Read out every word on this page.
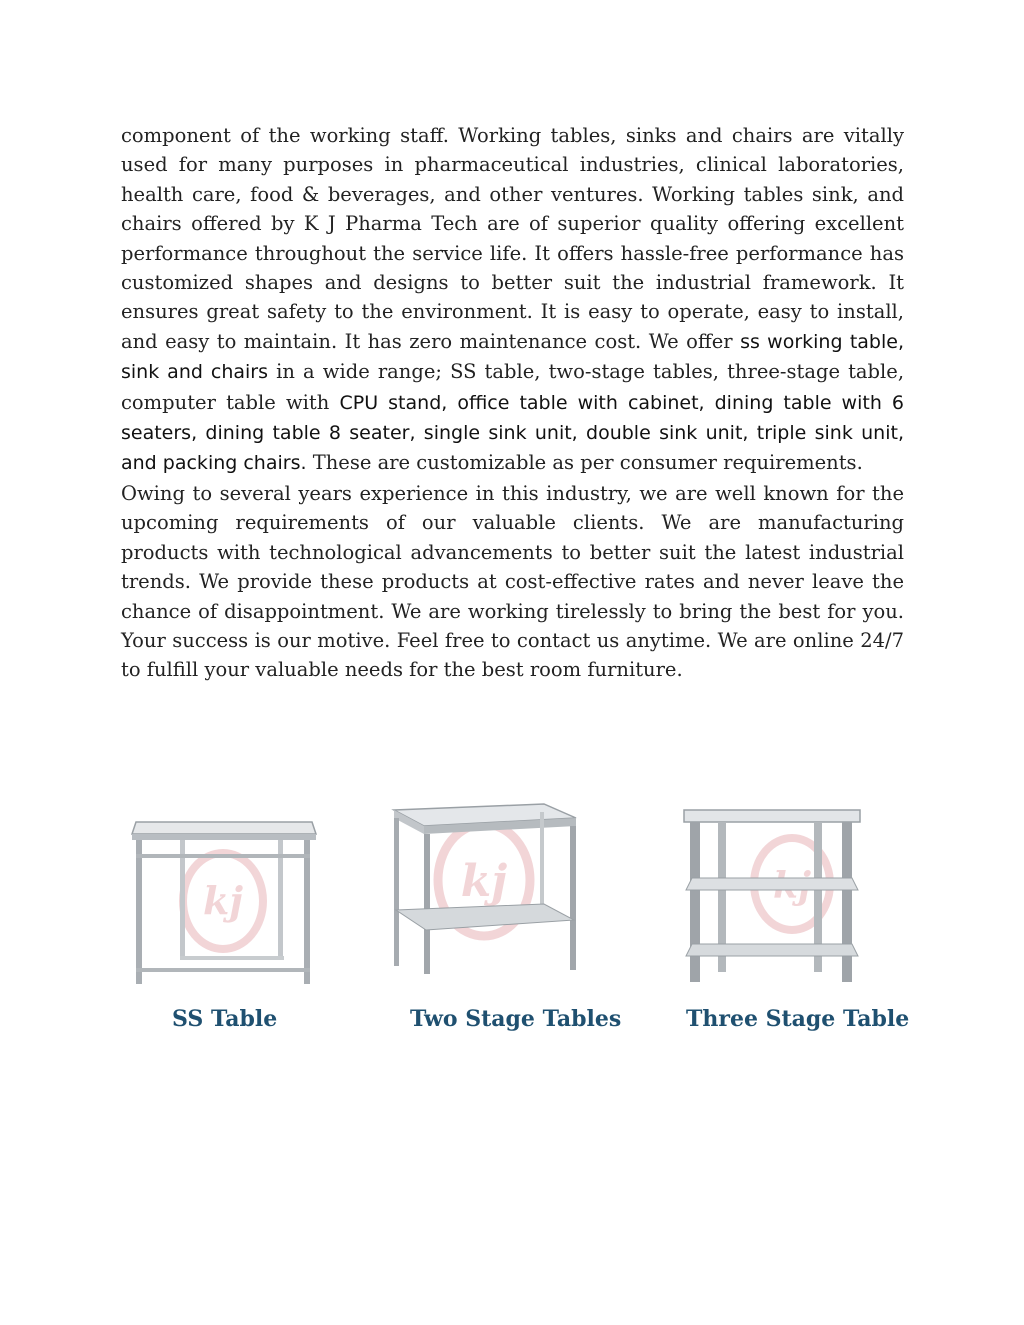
component of the working staff. Working tables, sinks and chairs are vitally used for many purposes in pharmaceutical industries, clinical laboratories, health care, food & beverages, and other ventures. Working tables sink, and chairs offered by K J Pharma Tech are of superior quality offering excellent performance throughout the service life. It offers hassle-free performance has customized shapes and designs to better suit the industrial framework. It ensures great safety to the environment. It is easy to operate, easy to install, and easy to maintain. It has zero maintenance cost. We offer ss working table, sink and chairs in a wide range; SS table, two-stage tables, three-stage table, computer table with CPU stand, office table with cabinet, dining table with 6 seaters, dining table 8 seater, single sink unit, double sink unit, triple sink unit, and packing chairs. These are customizable as per consumer requirements.

Owing to several years experience in this industry, we are well known for the upcoming requirements of our valuable clients. We are manufacturing products with technological advancements to better suit the latest industrial trends. We provide these products at cost-effective rates and never leave the chance of disappointment. We are working tirelessly to bring the best for you. Your success is our motive. Feel free to contact us anytime. We are online 24/7 to fulfill your valuable needs for the best room furniture.

kj	kj
SS Table	Two Stage Tables	Three Stage Table
